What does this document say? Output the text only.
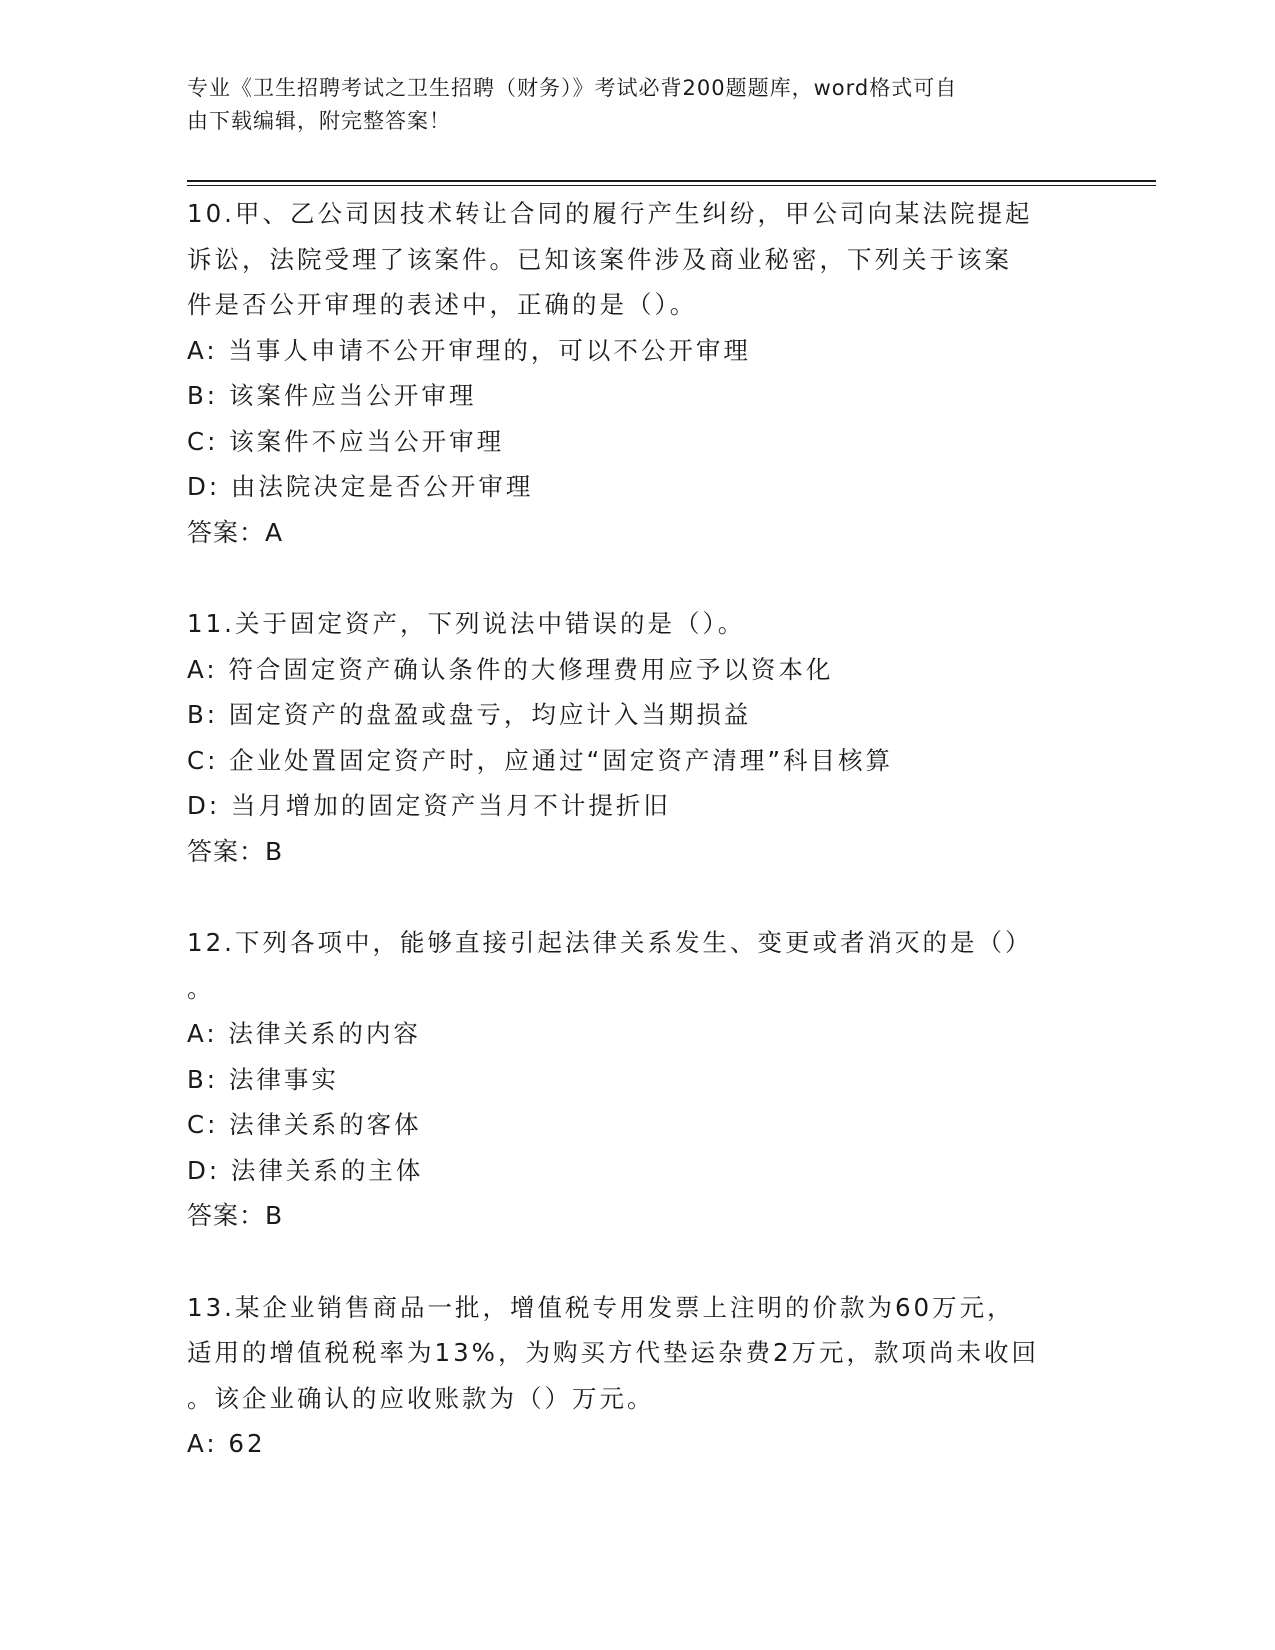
专业《卫生招聘考试之卫生招聘（财务）》考试必背200题题库，word格式可自
由下载编辑，附完整答案！
10.甲、乙公司因技术转让合同的履行产生纠纷，甲公司向某法院提起
诉讼，法院受理了该案件。已知该案件涉及商业秘密，下列关于该案
件是否公开审理的表述中，正确的是（）。
A: 当事人申请不公开审理的，可以不公开审理
B: 该案件应当公开审理
C: 该案件不应当公开审理
D: 由法院决定是否公开审理
答案：A
11.关于固定资产，下列说法中错误的是（）。
A: 符合固定资产确认条件的大修理费用应予以资本化
B: 固定资产的盘盈或盘亏，均应计入当期损益
C: 企业处置固定资产时，应通过“固定资产清理”科目核算
D: 当月增加的固定资产当月不计提折旧
答案：B
12.下列各项中，能够直接引起法律关系发生、变更或者消灭的是（）
。
A: 法律关系的内容
B: 法律事实
C: 法律关系的客体
D: 法律关系的主体
答案：B
13.某企业销售商品一批，增值税专用发票上注明的价款为60万元，
适用的增值税税率为13%，为购买方代垫运杂费2万元，款项尚未收回
。该企业确认的应收账款为（）万元。
A: 62
